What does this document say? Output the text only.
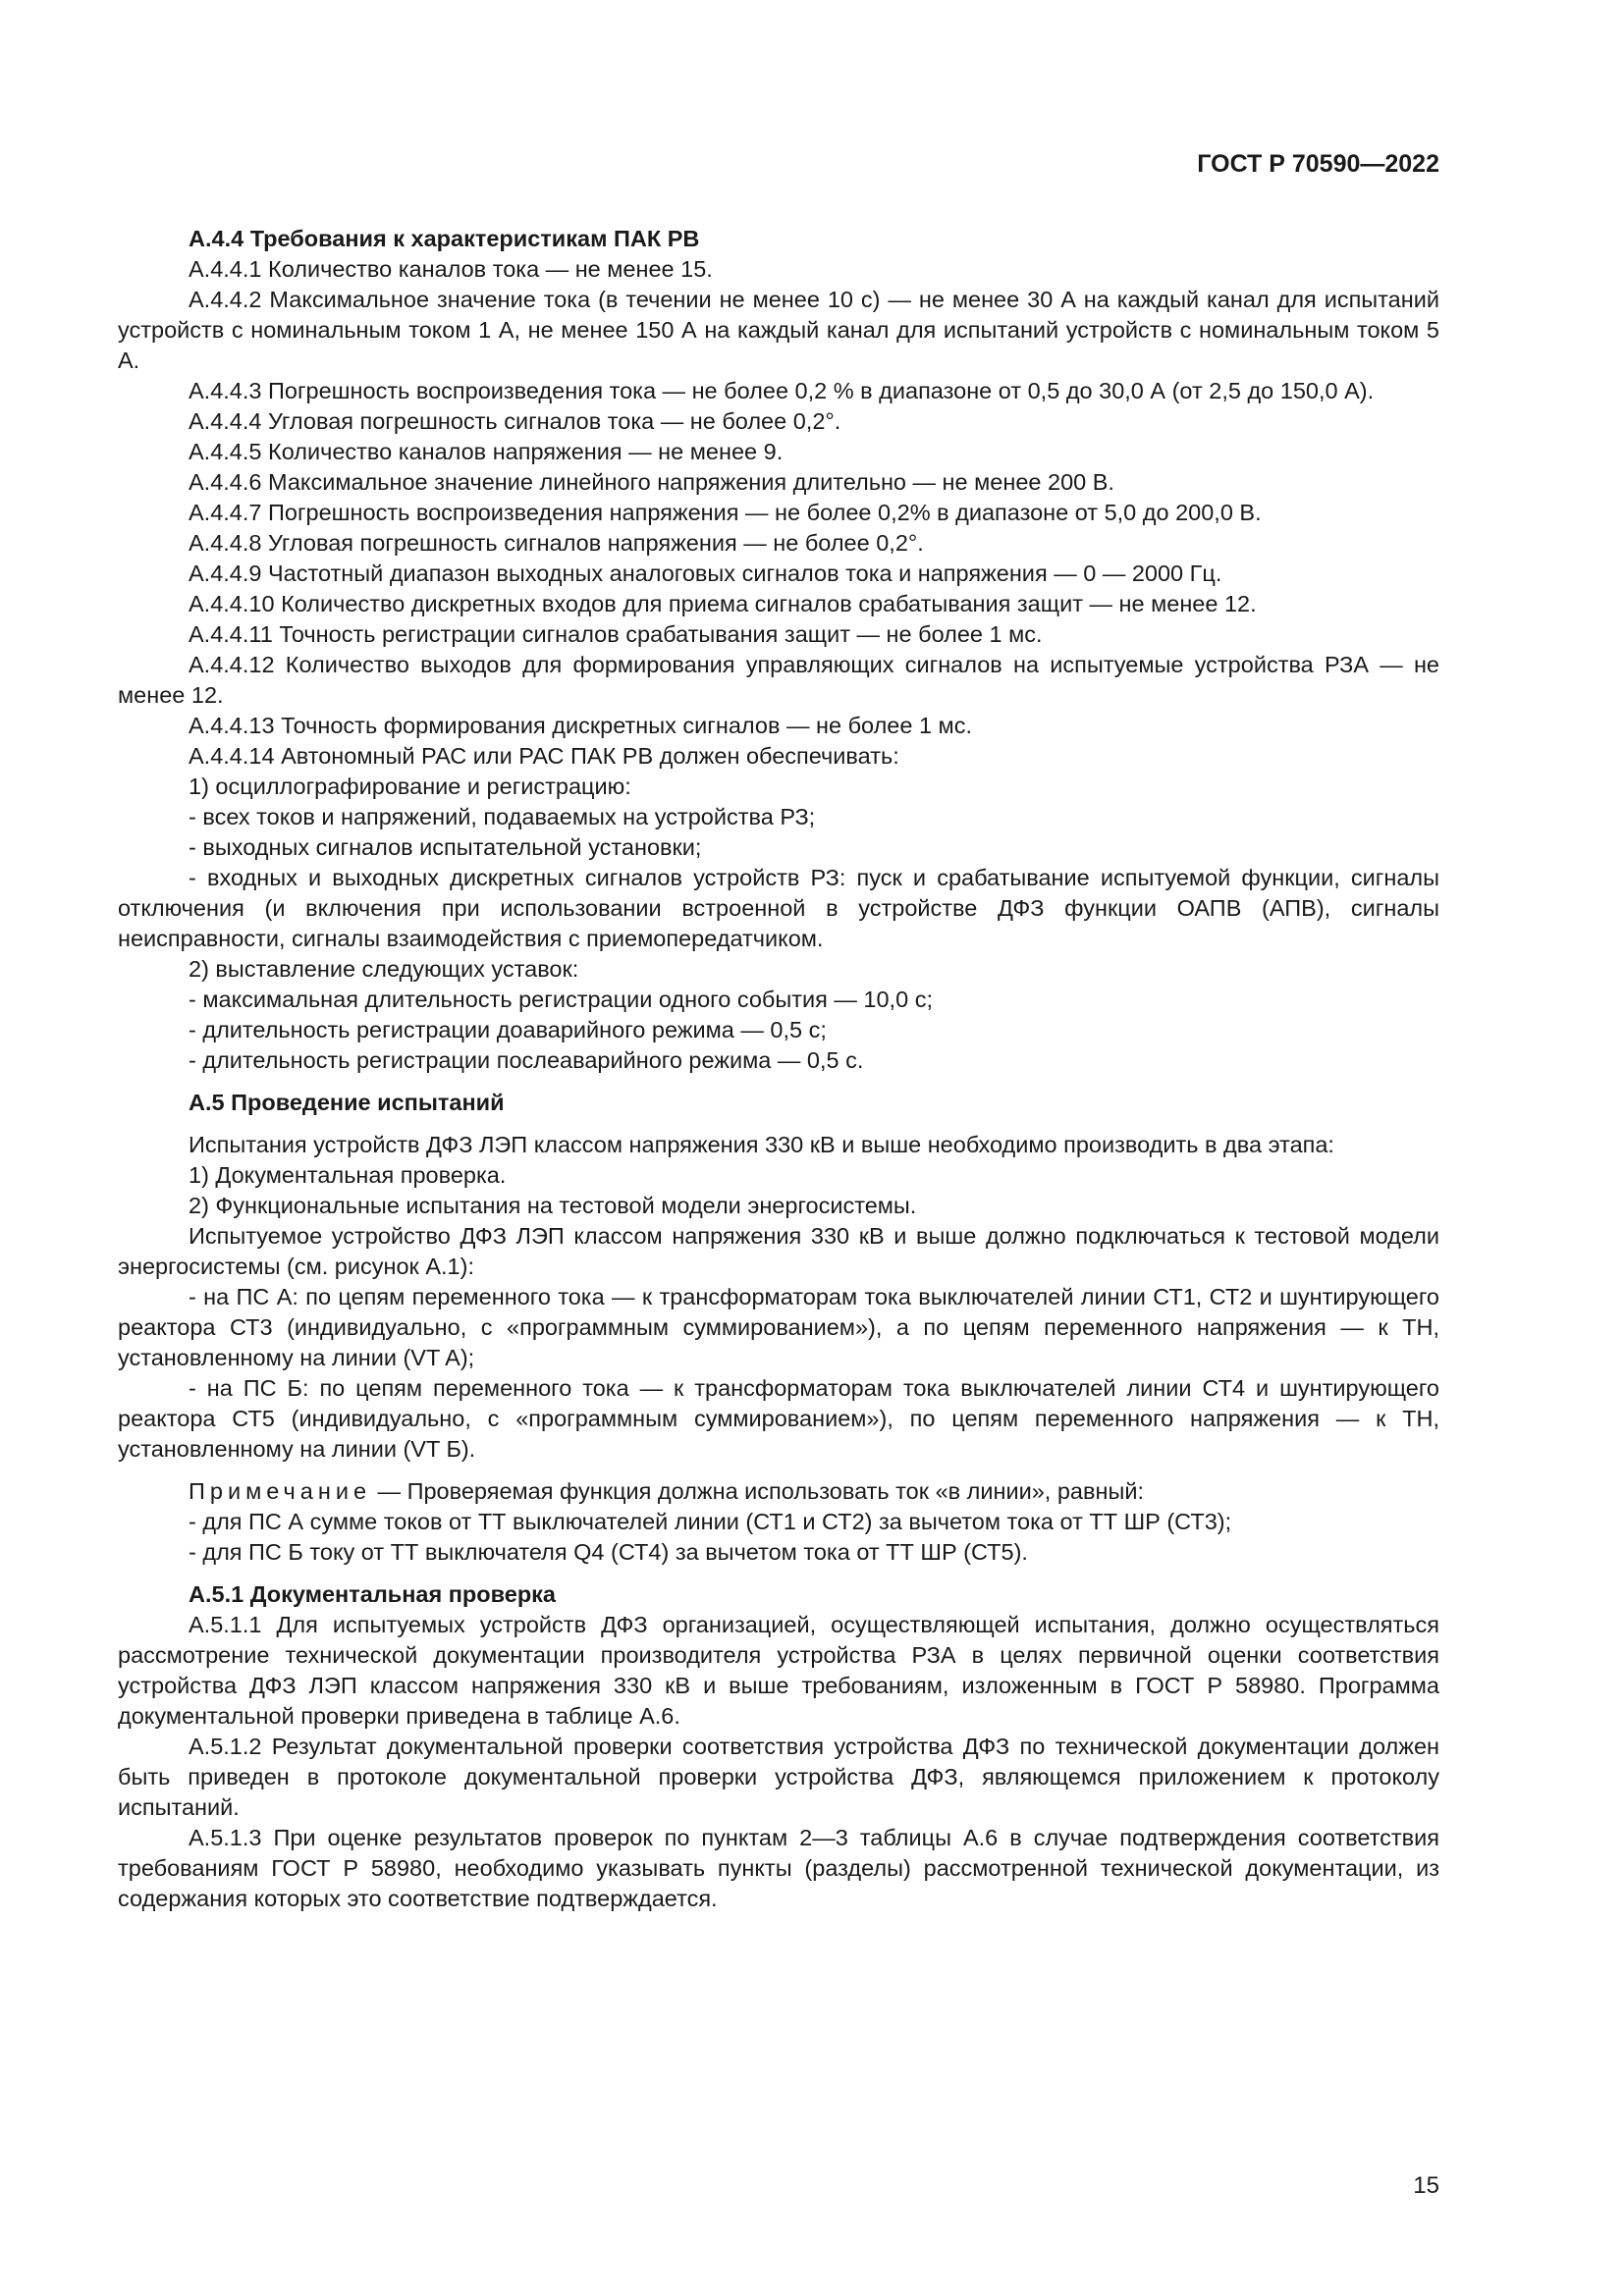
ГОСТ Р 70590—2022

А.4.4 Требования к характеристикам ПАК РВ

А.4.4.1 Количество каналов тока — не менее 15.

А.4.4.2 Максимальное значение тока (в течении не менее 10 с) — не менее 30 А на каждый канал для испытаний устройств с номинальным током 1 А, не менее 150 А на каждый канал для испытаний устройств с номинальным током 5 А.

А.4.4.3 Погрешность воспроизведения тока — не более 0,2 % в диапазоне от 0,5 до 30,0 А (от 2,5 до 150,0 А).

А.4.4.4 Угловая погрешность сигналов тока — не более 0,2°.

А.4.4.5 Количество каналов напряжения — не менее 9.

А.4.4.6 Максимальное значение линейного напряжения длительно — не менее 200 В.

А.4.4.7 Погрешность воспроизведения напряжения — не более 0,2% в диапазоне от 5,0 до 200,0 В.

А.4.4.8 Угловая погрешность сигналов напряжения — не более 0,2°.

А.4.4.9 Частотный диапазон выходных аналоговых сигналов тока и напряжения — 0 — 2000 Гц.

А.4.4.10 Количество дискретных входов для приема сигналов срабатывания защит — не менее 12.

А.4.4.11 Точность регистрации сигналов срабатывания защит — не более 1 мс.

А.4.4.12 Количество выходов для формирования управляющих сигналов на испытуемые устройства РЗА — не менее 12.

А.4.4.13 Точность формирования дискретных сигналов — не более 1 мс.

А.4.4.14 Автономный РАС или РАС ПАК РВ должен обеспечивать:

1) осциллографирование и регистрацию:

- всех токов и напряжений, подаваемых на устройства РЗ;

- выходных сигналов испытательной установки;

- входных и выходных дискретных сигналов устройств РЗ: пуск и срабатывание испытуемой функции, сигналы отключения (и включения при использовании встроенной в устройстве ДФЗ функции ОАПВ (АПВ), сигналы неисправности, сигналы взаимодействия с приемопередатчиком.

2) выставление следующих уставок:

- максимальная длительность регистрации одного события — 10,0 с;

- длительность регистрации доаварийного режима — 0,5 с;

- длительность регистрации послеаварийного режима — 0,5 с.

А.5 Проведение испытаний

Испытания устройств ДФЗ ЛЭП классом напряжения 330 кВ и выше необходимо производить в два этапа:

1) Документальная проверка.

2) Функциональные испытания на тестовой модели энергосистемы.

Испытуемое устройство ДФЗ ЛЭП классом напряжения 330 кВ и выше должно подключаться к тестовой модели энергосистемы (см. рисунок А.1):

- на ПС А: по цепям переменного тока — к трансформаторам тока выключателей линии СТ1, СТ2 и шунтирующего реактора СТ3 (индивидуально, с «программным суммированием»), а по цепям переменного напряжения — к ТН, установленному на линии (VT A);

- на ПС Б: по цепям переменного тока — к трансформаторам тока выключателей линии СТ4 и шунтирующего реактора СТ5 (индивидуально, с «программным суммированием»), по цепям переменного напряжения — к ТН, установленному на линии (VT Б).

Примечание — Проверяемая функция должна использовать ток «в линии», равный:

- для ПС А сумме токов от ТТ выключателей линии (СТ1 и СТ2) за вычетом тока от ТТ ШР (СТ3);

- для ПС Б току от ТТ выключателя Q4 (СТ4) за вычетом тока от ТТ ШР (СТ5).

А.5.1 Документальная проверка

А.5.1.1 Для испытуемых устройств ДФЗ организацией, осуществляющей испытания, должно осуществляться рассмотрение технической документации производителя устройства РЗА в целях первичной оценки соответствия устройства ДФЗ ЛЭП классом напряжения 330 кВ и выше требованиям, изложенным в ГОСТ Р 58980. Программа документальной проверки приведена в таблице А.6.

А.5.1.2 Результат документальной проверки соответствия устройства ДФЗ по технической документации должен быть приведен в протоколе документальной проверки устройства ДФЗ, являющемся приложением к протоколу испытаний.

А.5.1.3 При оценке результатов проверок по пунктам 2—3 таблицы А.6 в случае подтверждения соответствия требованиям ГОСТ Р 58980, необходимо указывать пункты (разделы) рассмотренной технической документации, из содержания которых это соответствие подтверждается.

15
